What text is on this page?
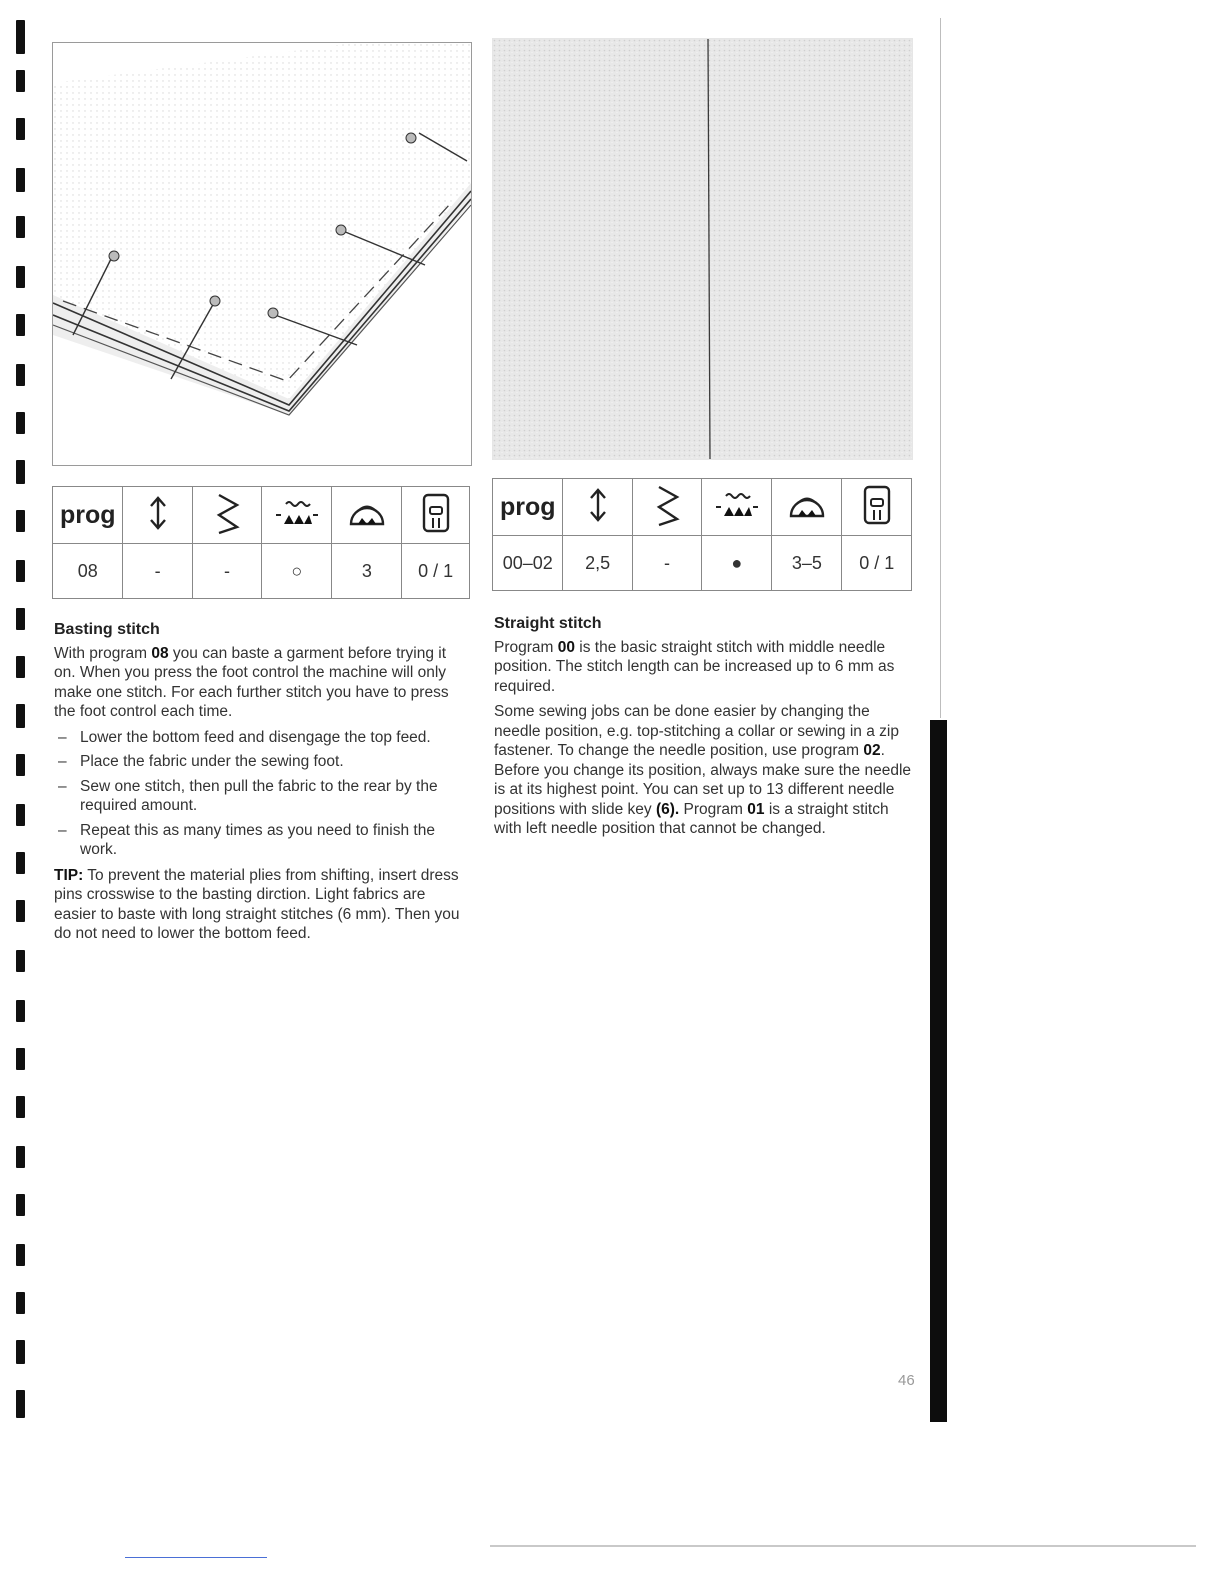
prog					
08	-	-	○	3	0 / 1
prog					
00–02	2,5	-	●	3–5	0 / 1
Basting stitch

With program 08 you can baste a garment before trying it on. When you press the foot control the machine will only make one stitch. For each further stitch you have to press the foot control each time.

– Lower the bottom feed and disengage the top feed.
– Place the fabric under the sewing foot.
– Sew one stitch, then pull the fabric to the rear by the required amount.
– Repeat this as many times as you need to finish the work.

TIP: To prevent the material plies from shifting, insert dress pins crosswise to the basting dirction. Light fabrics are easier to baste with long straight stitches (6 mm). Then you do not need to lower the bottom feed.

Straight stitch

Program 00 is the basic straight stitch with middle needle position. The stitch length can be increased up to 6 mm as required.

Some sewing jobs can be done easier by changing the needle position, e.g. top-stitching a collar or sewing in a zip fastener. To change the needle position, use program 02. Before you change its position, always make sure the needle is at its highest point. You can set up to 13 different needle positions with slide key (6). Program 01 is a straight stitch with left needle position that cannot be changed.

46
